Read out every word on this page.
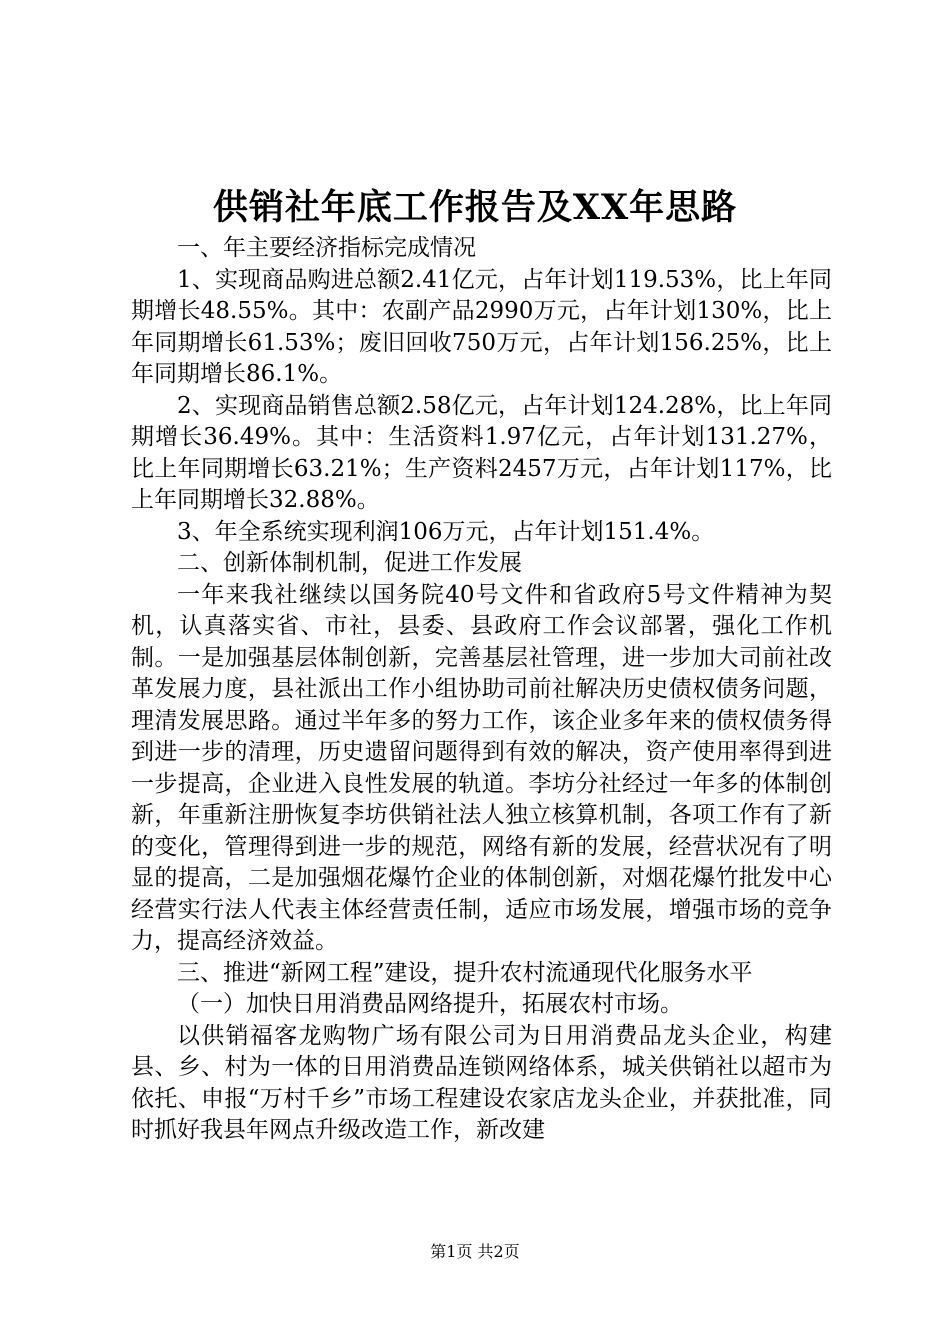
供销社年底工作报告及XX年思路

一、年主要经济指标完成情况

1、实现商品购进总额2.41亿元，占年计划119.53%，比上年同期增长48.55%。其中：农副产品2990万元，占年计划130%，比上年同期增长61.53%；废旧回收750万元，占年计划156.25%，比上年同期增长86.1%。

2、实现商品销售总额2.58亿元，占年计划124.28%，比上年同期增长36.49%。其中：生活资料1.97亿元，占年计划131.27%，比上年同期增长63.21%；生产资料2457万元，占年计划117%，比上年同期增长32.88%。

3、年全系统实现利润106万元，占年计划151.4%。

二、创新体制机制，促进工作发展

一年来我社继续以国务院40号文件和省政府5号文件精神为契机，认真落实省、市社，县委、县政府工作会议部署，强化工作机制。一是加强基层体制创新，完善基层社管理，进一步加大司前社改革发展力度，县社派出工作小组协助司前社解决历史债权债务问题，理清发展思路。通过半年多的努力工作，该企业多年来的债权债务得到进一步的清理，历史遗留问题得到有效的解决，资产使用率得到进一步提高，企业进入良性发展的轨道。李坊分社经过一年多的体制创新，年重新注册恢复李坊供销社法人独立核算机制，各项工作有了新的变化，管理得到进一步的规范，网络有新的发展，经营状况有了明显的提高，二是加强烟花爆竹企业的体制创新，对烟花爆竹批发中心经营实行法人代表主体经营责任制，适应市场发展，增强市场的竞争力，提高经济效益。

三、推进“新网工程”建设，提升农村流通现代化服务水平

（一）加快日用消费品网络提升，拓展农村市场。

以供销福客龙购物广场有限公司为日用消费品龙头企业，构建县、乡、村为一体的日用消费品连锁网络体系，城关供销社以超市为依托、申报“万村千乡”市场工程建设农家店龙头企业，并获批准，同时抓好我县年网点升级改造工作，新改建

第1页 共2页
